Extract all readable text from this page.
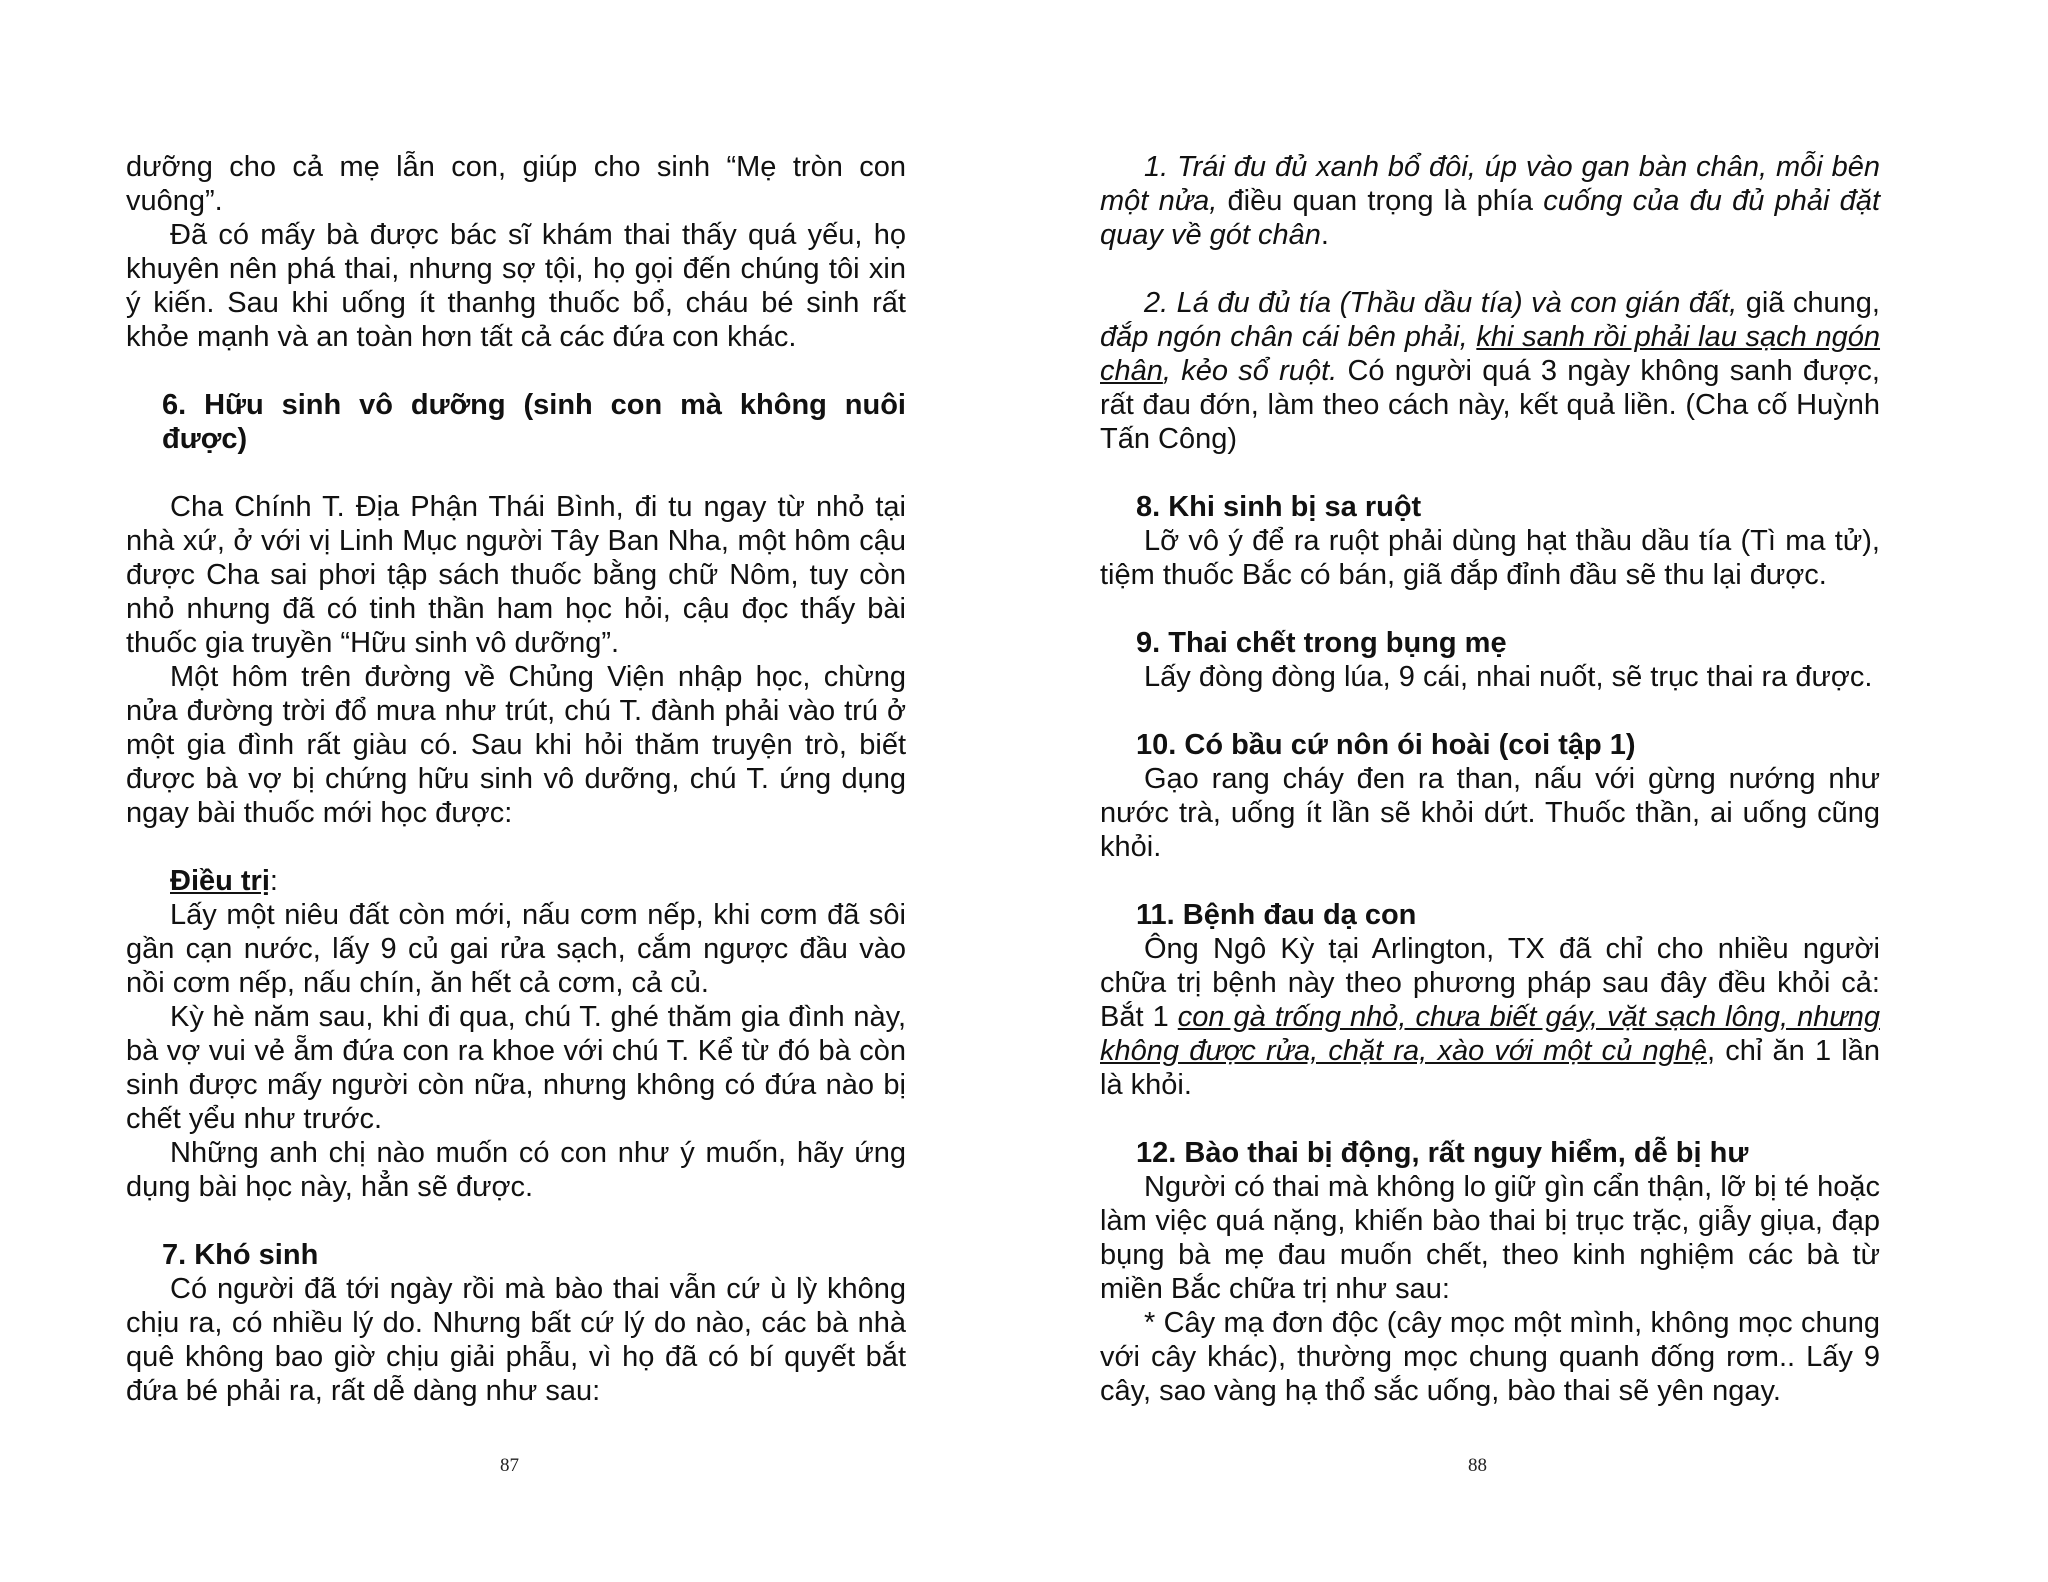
dưỡng cho cả mẹ lẫn con, giúp cho sinh “Mẹ tròn con vuông”.

Đã có mấy bà được bác sĩ khám thai thấy quá yếu, họ khuyên nên phá thai, nhưng sợ tội, họ gọi đến chúng tôi xin ý kiến. Sau khi uống ít thanhg thuốc bổ, cháu bé sinh rất khỏe mạnh và an toàn hơn tất cả các đứa con khác.

6. Hữu sinh vô dưỡng (sinh con mà không nuôi được)

Cha Chính T. Địa Phận Thái Bình, đi tu ngay từ nhỏ tại nhà xứ, ở với vị Linh Mục người Tây Ban Nha, một hôm cậu được Cha sai phơi tập sách thuốc bằng chữ Nôm, tuy còn nhỏ nhưng đã có tinh thần ham học hỏi, cậu đọc thấy bài thuốc gia truyền “Hữu sinh vô dưỡng”.

Một hôm trên đường về Chủng Viện nhập học, chừng nửa đường trời đổ mưa như trút, chú T. đành phải vào trú ở một gia đình rất giàu có. Sau khi hỏi thăm truyện trò, biết được bà vợ bị chứng hữu sinh vô dưỡng, chú T. ứng dụng ngay bài thuốc mới học được:

Điều trị:

Lấy một niêu đất còn mới, nấu cơm nếp, khi cơm đã sôi gần cạn nước, lấy 9 củ gai rửa sạch, cắm ngược đầu vào nồi cơm nếp, nấu chín, ăn hết cả cơm, cả củ.

Kỳ hè năm sau, khi đi qua, chú T. ghé thăm gia đình này, bà vợ vui vẻ ẵm đứa con ra khoe với chú T. Kể từ đó bà còn sinh được mấy người còn nữa, nhưng không có đứa nào bị chết yểu như trước.

Những anh chị nào muốn có con như ý muốn, hãy ứng dụng bài học này, hẳn sẽ được.

7. Khó sinh

Có người đã tới ngày rồi mà bào thai vẫn cứ ù lỳ không chịu ra, có nhiều lý do. Nhưng bất cứ lý do nào, các bà nhà quê không bao giờ chịu giải phẫu, vì họ đã có bí quyết bắt đứa bé phải ra, rất dễ dàng như sau:

1. Trái đu đủ xanh bổ đôi, úp vào gan bàn chân, mỗi bên một nửa, điều quan trọng là phía cuống của đu đủ phải đặt quay về gót chân.

2. Lá đu đủ tía (Thầu dầu tía) và con gián đất, giã chung, đắp ngón chân cái bên phải, khi sanh rồi phải lau sạch ngón chân, kẻo sổ ruột. Có người quá 3 ngày không sanh được, rất đau đớn, làm theo cách này, kết quả liền. (Cha cố Huỳnh Tấn Công)

8. Khi sinh bị sa ruột

Lỡ vô ý để ra ruột phải dùng hạt thầu dầu tía (Tì ma tử), tiệm thuốc Bắc có bán, giã đắp đỉnh đầu sẽ thu lại được.

9. Thai chết trong bụng mẹ

Lấy đòng đòng lúa, 9 cái, nhai nuốt, sẽ trục thai ra được.

10. Có bầu cứ nôn ói hoài (coi tập 1)

Gạo rang cháy đen ra than, nấu với gừng nướng như nước trà, uống ít lần sẽ khỏi dứt. Thuốc thần, ai uống cũng khỏi.

11. Bệnh đau dạ con

Ông Ngô Kỳ tại Arlington, TX đã chỉ cho nhiều người chữa trị bệnh này theo phương pháp sau đây đều khỏi cả: Bắt 1 con gà trống nhỏ, chưa biết gáy, vặt sạch lông, nhưng không được rửa, chặt ra, xào với một củ nghệ, chỉ ăn 1 lần là khỏi.

12. Bào thai bị động, rất nguy hiểm, dễ bị hư

Người có thai mà không lo giữ gìn cẩn thận, lỡ bị té hoặc làm việc quá nặng, khiến bào thai bị trục trặc, giẫy giụa, đạp bụng bà mẹ đau muốn chết, theo kinh nghiệm các bà từ miền Bắc chữa trị như sau:

* Cây mạ đơn độc (cây mọc một mình, không mọc chung với cây khác), thường mọc chung quanh đống rơm.. Lấy 9 cây, sao vàng hạ thổ sắc uống, bào thai sẽ yên ngay.

87	88
